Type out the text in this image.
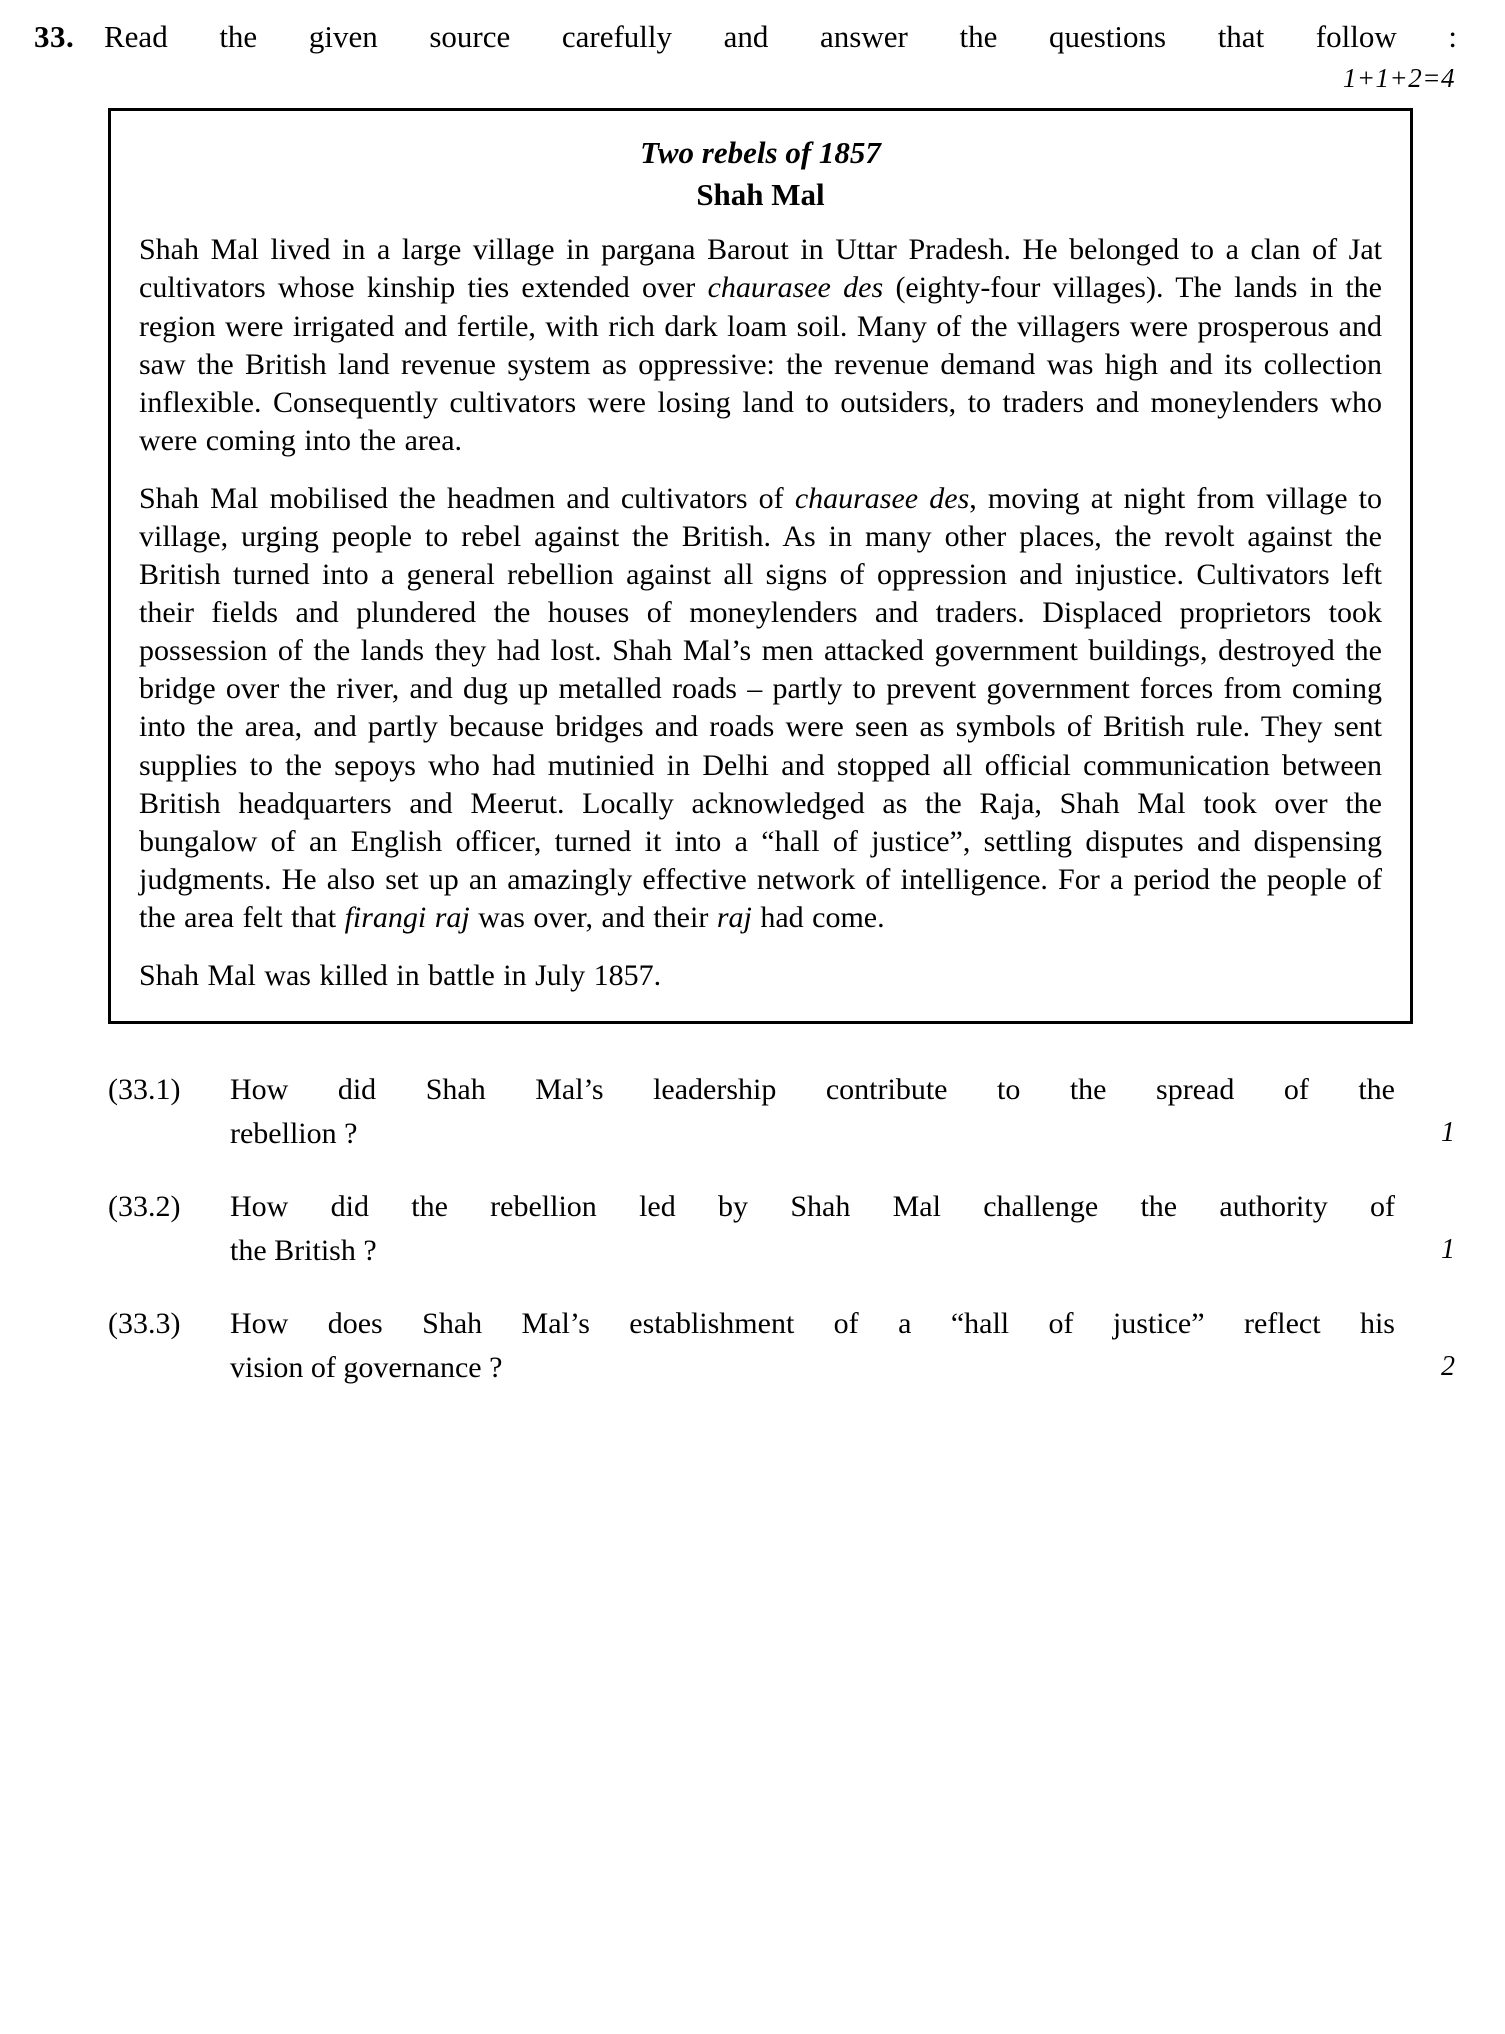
33. Read the given source carefully and answer the questions that follow :
1+1+2=4
Two rebels of 1857
Shah Mal
Shah Mal lived in a large village in pargana Barout in Uttar Pradesh. He belonged to a clan of Jat cultivators whose kinship ties extended over chaurasee des (eighty-four villages). The lands in the region were irrigated and fertile, with rich dark loam soil. Many of the villagers were prosperous and saw the British land revenue system as oppressive: the revenue demand was high and its collection inflexible. Consequently cultivators were losing land to outsiders, to traders and moneylenders who were coming into the area.
Shah Mal mobilised the headmen and cultivators of chaurasee des, moving at night from village to village, urging people to rebel against the British. As in many other places, the revolt against the British turned into a general rebellion against all signs of oppression and injustice. Cultivators left their fields and plundered the houses of moneylenders and traders. Displaced proprietors took possession of the lands they had lost. Shah Mal’s men attacked government buildings, destroyed the bridge over the river, and dug up metalled roads – partly to prevent government forces from coming into the area, and partly because bridges and roads were seen as symbols of British rule. They sent supplies to the sepoys who had mutinied in Delhi and stopped all official communication between British headquarters and Meerut. Locally acknowledged as the Raja, Shah Mal took over the bungalow of an English officer, turned it into a “hall of justice”, settling disputes and dispensing judgments. He also set up an amazingly effective network of intelligence. For a period the people of the area felt that firangi raj was over, and their raj had come.
Shah Mal was killed in battle in July 1857.
(33.1)	How did Shah Mal’s leadership contribute to the spread of the
rebellion ?	1
(33.2)	How did the rebellion led by Shah Mal challenge the authority of
the British ?	1
(33.3)	How does Shah Mal’s establishment of a “hall of justice” reflect his
vision of governance ?	2
